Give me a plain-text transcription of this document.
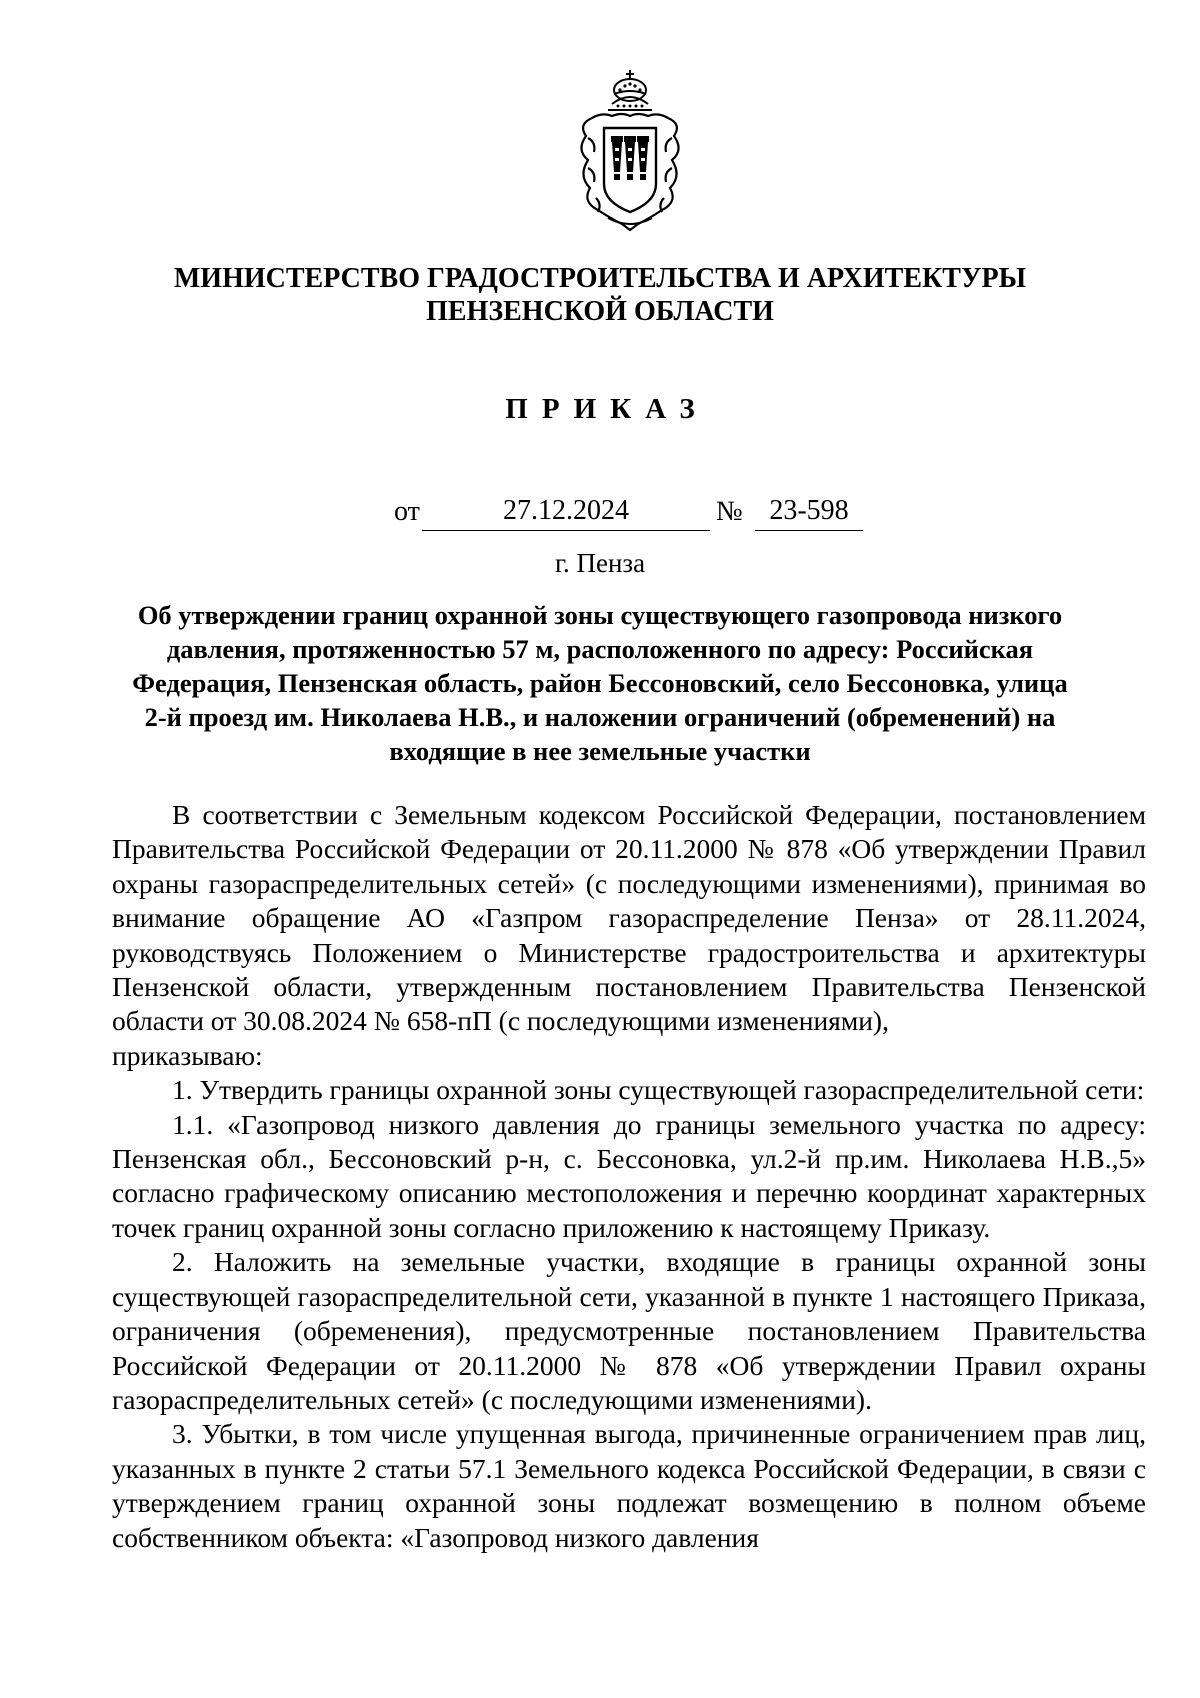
МИНИСТЕРСТВО ГРАДОСТРОИТЕЛЬСТВА И АРХИТЕКТУРЫ
ПЕНЗЕНСКОЙ ОБЛАСТИ
ПРИКАЗ
от	27.12.2024	№ 23-598
г. Пенза
Об утверждении границ охранной зоны существующего газопровода низкого давления, протяженностью 57 м, расположенного по адресу: Российская Федерация, Пензенская область, район Бессоновский, село Бессоновка, улица 2-й проезд им. Николаева Н.В., и наложении ограничений (обременений) на входящие в нее земельные участки

В соответствии с Земельным кодексом Российской Федерации, постановлением Правительства Российской Федерации от 20.11.2000 № 878 «Об утверждении Правил охраны газораспределительных сетей» (с последующими изменениями), принимая во внимание обращение АО «Газпром газораспределение Пенза» от 28.11.2024, руководствуясь Положением о Министерстве градостроительства и архитектуры Пензенской области, утвержденным постановлением Правительства Пензенской области от 30.08.2024 № 658-пП (с последующими изменениями),

приказываю:

1. Утвердить границы охранной зоны существующей газораспределительной сети:

1.1. «Газопровод низкого давления до границы земельного участка по адресу: Пензенская обл., Бессоновский р-н, с. Бессоновка, ул.2-й пр.им. Николаева Н.В.,5» согласно графическому описанию местоположения и перечню координат характерных точек границ охранной зоны согласно приложению к настоящему Приказу.

2. Наложить на земельные участки, входящие в границы охранной зоны существующей газораспределительной сети, указанной в пункте 1 настоящего Приказа, ограничения (обременения), предусмотренные постановлением Правительства Российской Федерации от 20.11.2000 № 878 «Об утверждении Правил охраны газораспределительных сетей» (с последующими изменениями).

3. Убытки, в том числе упущенная выгода, причиненные ограничением прав лиц, указанных в пункте 2 статьи 57.1 Земельного кодекса Российской Федерации, в связи с утверждением границ охранной зоны подлежат возмещению в полном объеме собственником объекта: «Газопровод низкого давления
